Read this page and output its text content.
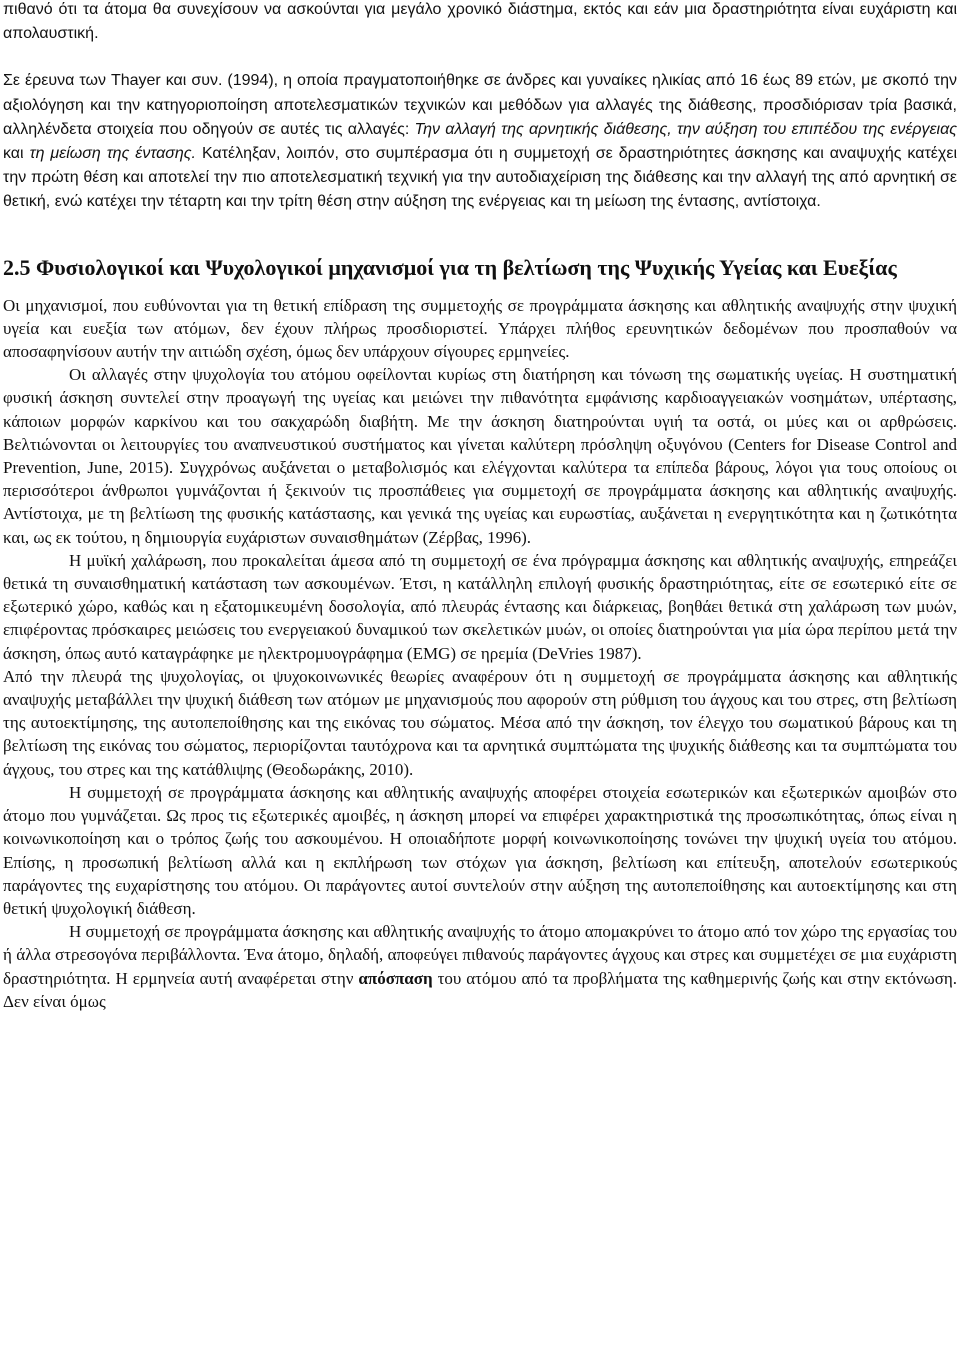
πιθανό ότι τα άτομα θα συνεχίσουν να ασκούνται για μεγάλο χρονικό διάστημα, εκτός και εάν μια δραστηριότητα είναι ευχάριστη και απολαυστική.

Σε έρευνα των Thayer και συν. (1994), η οποία πραγματοποιήθηκε σε άνδρες και γυναίκες ηλικίας από 16 έως 89 ετών, με σκοπό την αξιολόγηση και την κατηγοριοποίηση αποτελεσματικών τεχνικών και μεθόδων για αλλαγές της διάθεσης, προσδιόρισαν τρία βασικά, αλληλένδετα στοιχεία που οδηγούν σε αυτές τις αλλαγές: Την αλλαγή της αρνητικής διάθεσης, την αύξηση του επιπέδου της ενέργειας και τη μείωση της έντασης. Κατέληξαν, λοιπόν, στο συμπέρασμα ότι η συμμετοχή σε δραστηριότητες άσκησης και αναψυχής κατέχει την πρώτη θέση και αποτελεί την πιο αποτελεσματική τεχνική για την αυτοδιαχείριση της διάθεσης και την αλλαγή της από αρνητική σε θετική, ενώ κατέχει την τέταρτη και την τρίτη θέση στην αύξηση της ενέργειας και τη μείωση της έντασης, αντίστοιχα.

2.5 Φυσιολογικοί και Ψυχολογικοί μηχανισμοί για τη βελτίωση της Ψυχικής Υγείας και Ευεξίας

Οι μηχανισμοί, που ευθύνονται για τη θετική επίδραση της συμμετοχής σε προγράμματα άσκησης και αθλητικής αναψυχής στην ψυχική υγεία και ευεξία των ατόμων, δεν έχουν πλήρως προσδιοριστεί. Υπάρχει πλήθος ερευνητικών δεδομένων που προσπαθούν να αποσαφηνίσουν αυτήν την αιτιώδη σχέση, όμως δεν υπάρχουν σίγουρες ερμηνείες.

Οι αλλαγές στην ψυχολογία του ατόμου οφείλονται κυρίως στη διατήρηση και τόνωση της σωματικής υγείας. Η συστηματική φυσική άσκηση συντελεί στην προαγωγή της υγείας και μειώνει την πιθανότητα εμφάνισης καρδιοαγγειακών νοσημάτων, υπέρτασης, κάποιων μορφών καρκίνου και του σακχαρώδη διαβήτη. Με την άσκηση διατηρούνται υγιή τα οστά, οι μύες και οι αρθρώσεις. Βελτιώνονται οι λειτουργίες του αναπνευστικού συστήματος και γίνεται καλύτερη πρόσληψη οξυγόνου (Centers for Disease Control and Prevention, June, 2015). Συγχρόνως αυξάνεται ο μεταβολισμός και ελέγχονται καλύτερα τα επίπεδα βάρους, λόγοι για τους οποίους οι περισσότεροι άνθρωποι γυμνάζονται ή ξεκινούν τις προσπάθειες για συμμετοχή σε προγράμματα άσκησης και αθλητικής αναψυχής. Αντίστοιχα, με τη βελτίωση της φυσικής κατάστασης, και γενικά της υγείας και ευρωστίας, αυξάνεται η ενεργητικότητα και η ζωτικότητα και, ως εκ τούτου, η δημιουργία ευχάριστων συναισθημάτων (Ζέρβας, 1996).

Η μυϊκή χαλάρωση, που προκαλείται άμεσα από τη συμμετοχή σε ένα πρόγραμμα άσκησης και αθλητικής αναψυχής, επηρεάζει θετικά τη συναισθηματική κατάσταση των ασκουμένων. Έτσι, η κατάλληλη επιλογή φυσικής δραστηριότητας, είτε σε εσωτερικό είτε σε εξωτερικό χώρο, καθώς και η εξατομικευμένη δοσολογία, από πλευράς έντασης και διάρκειας, βοηθάει θετικά στη χαλάρωση των μυών, επιφέροντας πρόσκαιρες μειώσεις του ενεργειακού δυναμικού των σκελετικών μυών, οι οποίες διατηρούνται για μία ώρα περίπου μετά την άσκηση, όπως αυτό καταγράφηκε με ηλεκτρομυογράφημα (EMG) σε ηρεμία (DeVries 1987).

Από την πλευρά της ψυχολογίας, οι ψυχοκοινωνικές θεωρίες αναφέρουν ότι η συμμετοχή σε προγράμματα άσκησης και αθλητικής αναψυχής μεταβάλλει την ψυχική διάθεση των ατόμων με μηχανισμούς που αφορούν στη ρύθμιση του άγχους και του στρες, στη βελτίωση της αυτοεκτίμησης, της αυτοπεποίθησης και της εικόνας του σώματος. Μέσα από την άσκηση, τον έλεγχο του σωματικού βάρους και τη βελτίωση της εικόνας του σώματος, περιορίζονται ταυτόχρονα και τα αρνητικά συμπτώματα της ψυχικής διάθεσης και τα συμπτώματα του άγχους, του στρες και της κατάθλιψης (Θεοδωράκης, 2010).

Η συμμετοχή σε προγράμματα άσκησης και αθλητικής αναψυχής αποφέρει στοιχεία εσωτερικών και εξωτερικών αμοιβών στο άτομο που γυμνάζεται. Ως προς τις εξωτερικές αμοιβές, η άσκηση μπορεί να επιφέρει χαρακτηριστικά της προσωπικότητας, όπως είναι η κοινωνικοποίηση και ο τρόπος ζωής του ασκουμένου. Η οποιαδήποτε μορφή κοινωνικοποίησης τονώνει την ψυχική υγεία του ατόμου. Επίσης, η προσωπική βελτίωση αλλά και η εκπλήρωση των στόχων για άσκηση, βελτίωση και επίτευξη, αποτελούν εσωτερικούς παράγοντες της ευχαρίστησης του ατόμου. Οι παράγοντες αυτοί συντελούν στην αύξηση της αυτοπεποίθησης και αυτοεκτίμησης και στη θετική ψυχολογική διάθεση.

Η συμμετοχή σε προγράμματα άσκησης και αθλητικής αναψυχής το άτομο απομακρύνει το άτομο από τον χώρο της εργασίας του ή άλλα στρεσογόνα περιβάλλοντα. Ένα άτομο, δηλαδή, αποφεύγει πιθανούς παράγοντες άγχους και στρες και συμμετέχει σε μια ευχάριστη δραστηριότητα. Η ερμηνεία αυτή αναφέρεται στην απόσπαση του ατόμου από τα προβλήματα της καθημερινής ζωής και στην εκτόνωση. Δεν είναι όμως
